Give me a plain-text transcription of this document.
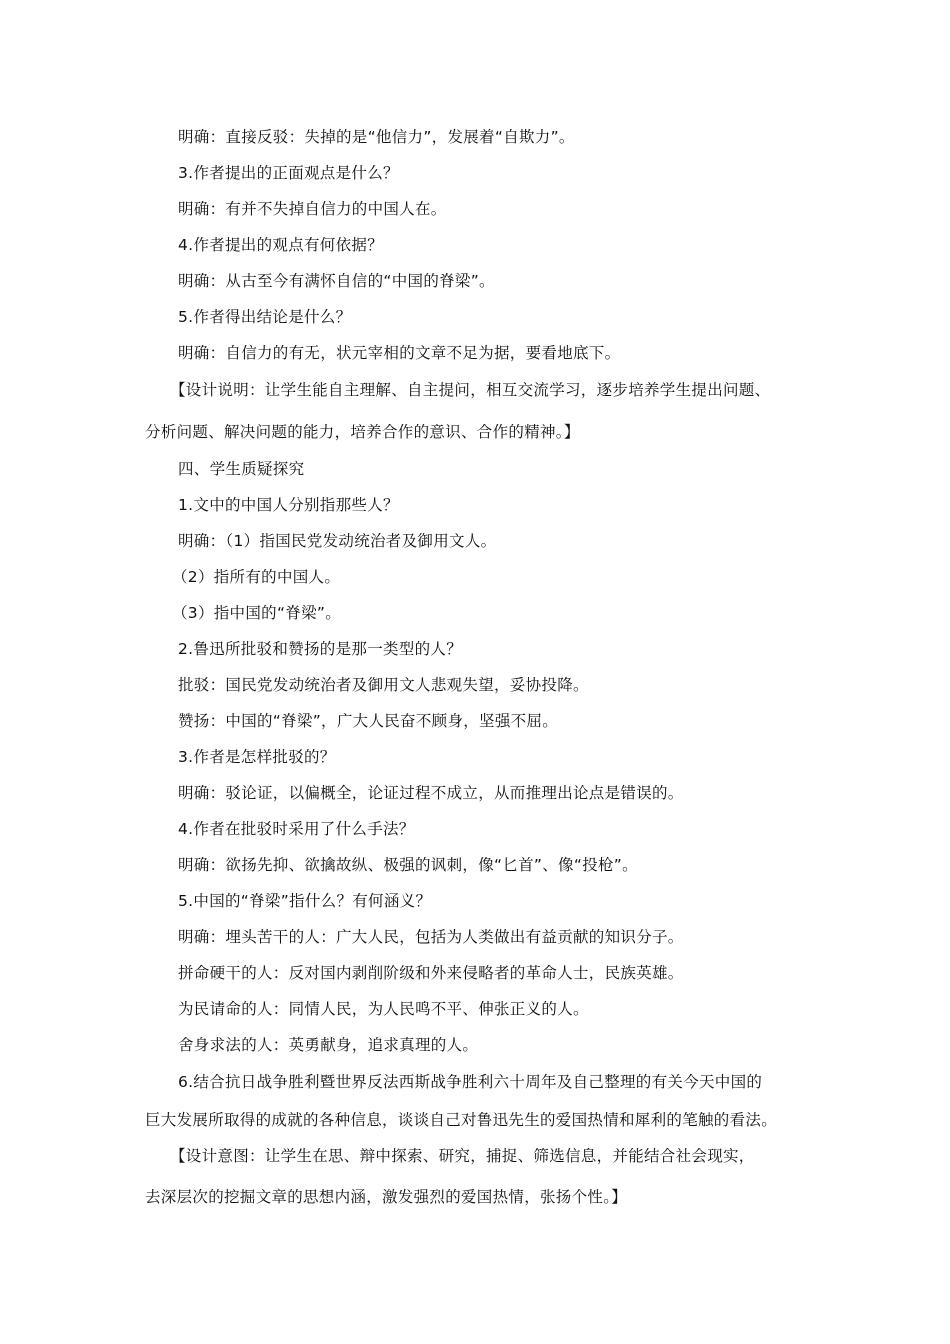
明确：直接反驳：失掉的是“他信力”，发展着“自欺力”。
3.作者提出的正面观点是什么？
明确：有并不失掉自信力的中国人在。
4.作者提出的观点有何依据？
明确：从古至今有满怀自信的“中国的脊梁”。
5.作者得出结论是什么？
明确：自信力的有无，状元宰相的文章不足为据，要看地底下。
【设计说明：让学生能自主理解、自主提问，相互交流学习，逐步培养学生提出问题、
分析问题、解决问题的能力，培养合作的意识、合作的精神。】
四、学生质疑探究
1.文中的中国人分别指那些人？
明确：（1）指国民党发动统治者及御用文人。
（2）指所有的中国人。
（3）指中国的“脊梁”。
2.鲁迅所批驳和赞扬的是那一类型的人？
批驳：国民党发动统治者及御用文人悲观失望，妥协投降。
赞扬：中国的“脊梁”，广大人民奋不顾身，坚强不屈。
3.作者是怎样批驳的？
明确：驳论证，以偏概全，论证过程不成立，从而推理出论点是错误的。
4.作者在批驳时采用了什么手法？
明确：欲扬先抑、欲擒故纵、极强的讽刺，像“匕首”、像“投枪”。
5.中国的“脊梁”指什么？有何涵义？
明确：埋头苦干的人：广大人民，包括为人类做出有益贡献的知识分子。
拼命硬干的人：反对国内剥削阶级和外来侵略者的革命人士，民族英雄。
为民请命的人：同情人民，为人民鸣不平、伸张正义的人。
舍身求法的人：英勇献身，追求真理的人。
6.结合抗日战争胜利暨世界反法西斯战争胜利六十周年及自己整理的有关今天中国的
巨大发展所取得的成就的各种信息，谈谈自己对鲁迅先生的爱国热情和犀利的笔触的看法。
【设计意图：让学生在思、辩中探索、研究，捕捉、筛选信息，并能结合社会现实，
去深层次的挖掘文章的思想内涵，激发强烈的爱国热情，张扬个性。】
